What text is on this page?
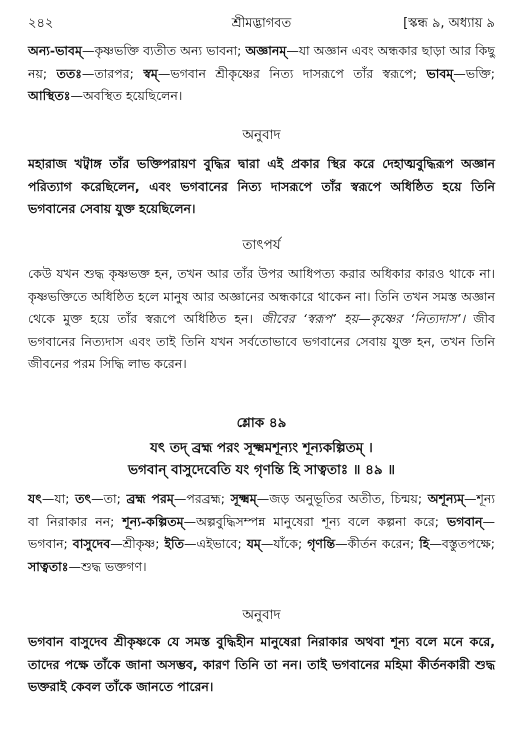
২৪২	শ্রীমদ্ভাগবত	[স্কন্ধ ৯, অধ্যায় ৯

অন্য-ভাবম্—কৃষ্ণভক্তি ব্যতীত অন্য ভাবনা; অজ্ঞানম্—যা অজ্ঞান এবং অন্ধকার ছাড়া আর কিছু নয়; ততঃ—তারপর; স্বম্—ভগবান শ্রীকৃষ্ণের নিত্য দাসরূপে তাঁর স্বরূপে; ভাবম্—ভক্তি; আস্থিতঃ—অবস্থিত হয়েছিলেন।

অনুবাদ

মহারাজ খট্বাঙ্গ তাঁর ভক্তিপরায়ণ বুদ্ধির দ্বারা এই প্রকার স্থির করে দেহাত্মবুদ্ধিরূপ অজ্ঞান পরিত্যাগ করেছিলেন, এবং ভগবানের নিত্য দাসরূপে তাঁর স্বরূপে অধিষ্ঠিত হয়ে তিনি ভগবানের সেবায় যুক্ত হয়েছিলেন।

তাৎপর্য

কেউ যখন শুদ্ধ কৃষ্ণভক্ত হন, তখন আর তাঁর উপর আধিপত্য করার অধিকার কারও থাকে না। কৃষ্ণভক্তিতে অধিষ্ঠিত হলে মানুষ আর অজ্ঞানের অন্ধকারে থাকেন না। তিনি তখন সমস্ত অজ্ঞান থেকে মুক্ত হয়ে তাঁর স্বরূপে অধিষ্ঠিত হন। জীবের ‘স্বরূপ’ হয়—কৃষ্ণের ‘নিত্যদাস’। জীব ভগবানের নিত্যদাস এবং তাই তিনি যখন সর্বতোভাবে ভগবানের সেবায় যুক্ত হন, তখন তিনি জীবনের পরম সিদ্ধি লাভ করেন।

শ্লোক ৪৯
যৎ তদ্ ব্রহ্ম পরং সূক্ষ্মমশূন্যং শূন্যকল্পিতম্ ।
ভগবান্ বাসুদেবেতি যং গৃণন্তি হি সাত্বতাঃ ॥ ৪৯ ॥

যৎ—যা; তৎ—তা; ব্রহ্ম পরম্—পরব্রহ্ম; সূক্ষ্মম্—জড় অনুভূতির অতীত, চিন্ময়; অশূন্যম্—শূন্য বা নিরাকার নন; শূন্য-কল্পিতম্—অল্পবুদ্ধিসম্পন্ন মানুষেরা শূন্য বলে কল্পনা করে; ভগবান্—ভগবান; বাসুদেব—শ্রীকৃষ্ণ; ইতি—এইভাবে; যম্—যাঁকে; গৃণন্তি—কীর্তন করেন; হি—বস্তুতপক্ষে; সাত্বতাঃ—শুদ্ধ ভক্তগণ।

অনুবাদ

ভগবান বাসুদেব শ্রীকৃষ্ণকে যে সমস্ত বুদ্ধিহীন মানুষেরা নিরাকার অথবা শূন্য বলে মনে করে, তাদের পক্ষে তাঁকে জানা অসম্ভব, কারণ তিনি তা নন। তাই ভগবানের মহিমা কীর্তনকারী শুদ্ধ ভক্তরাই কেবল তাঁকে জানতে পারেন।
